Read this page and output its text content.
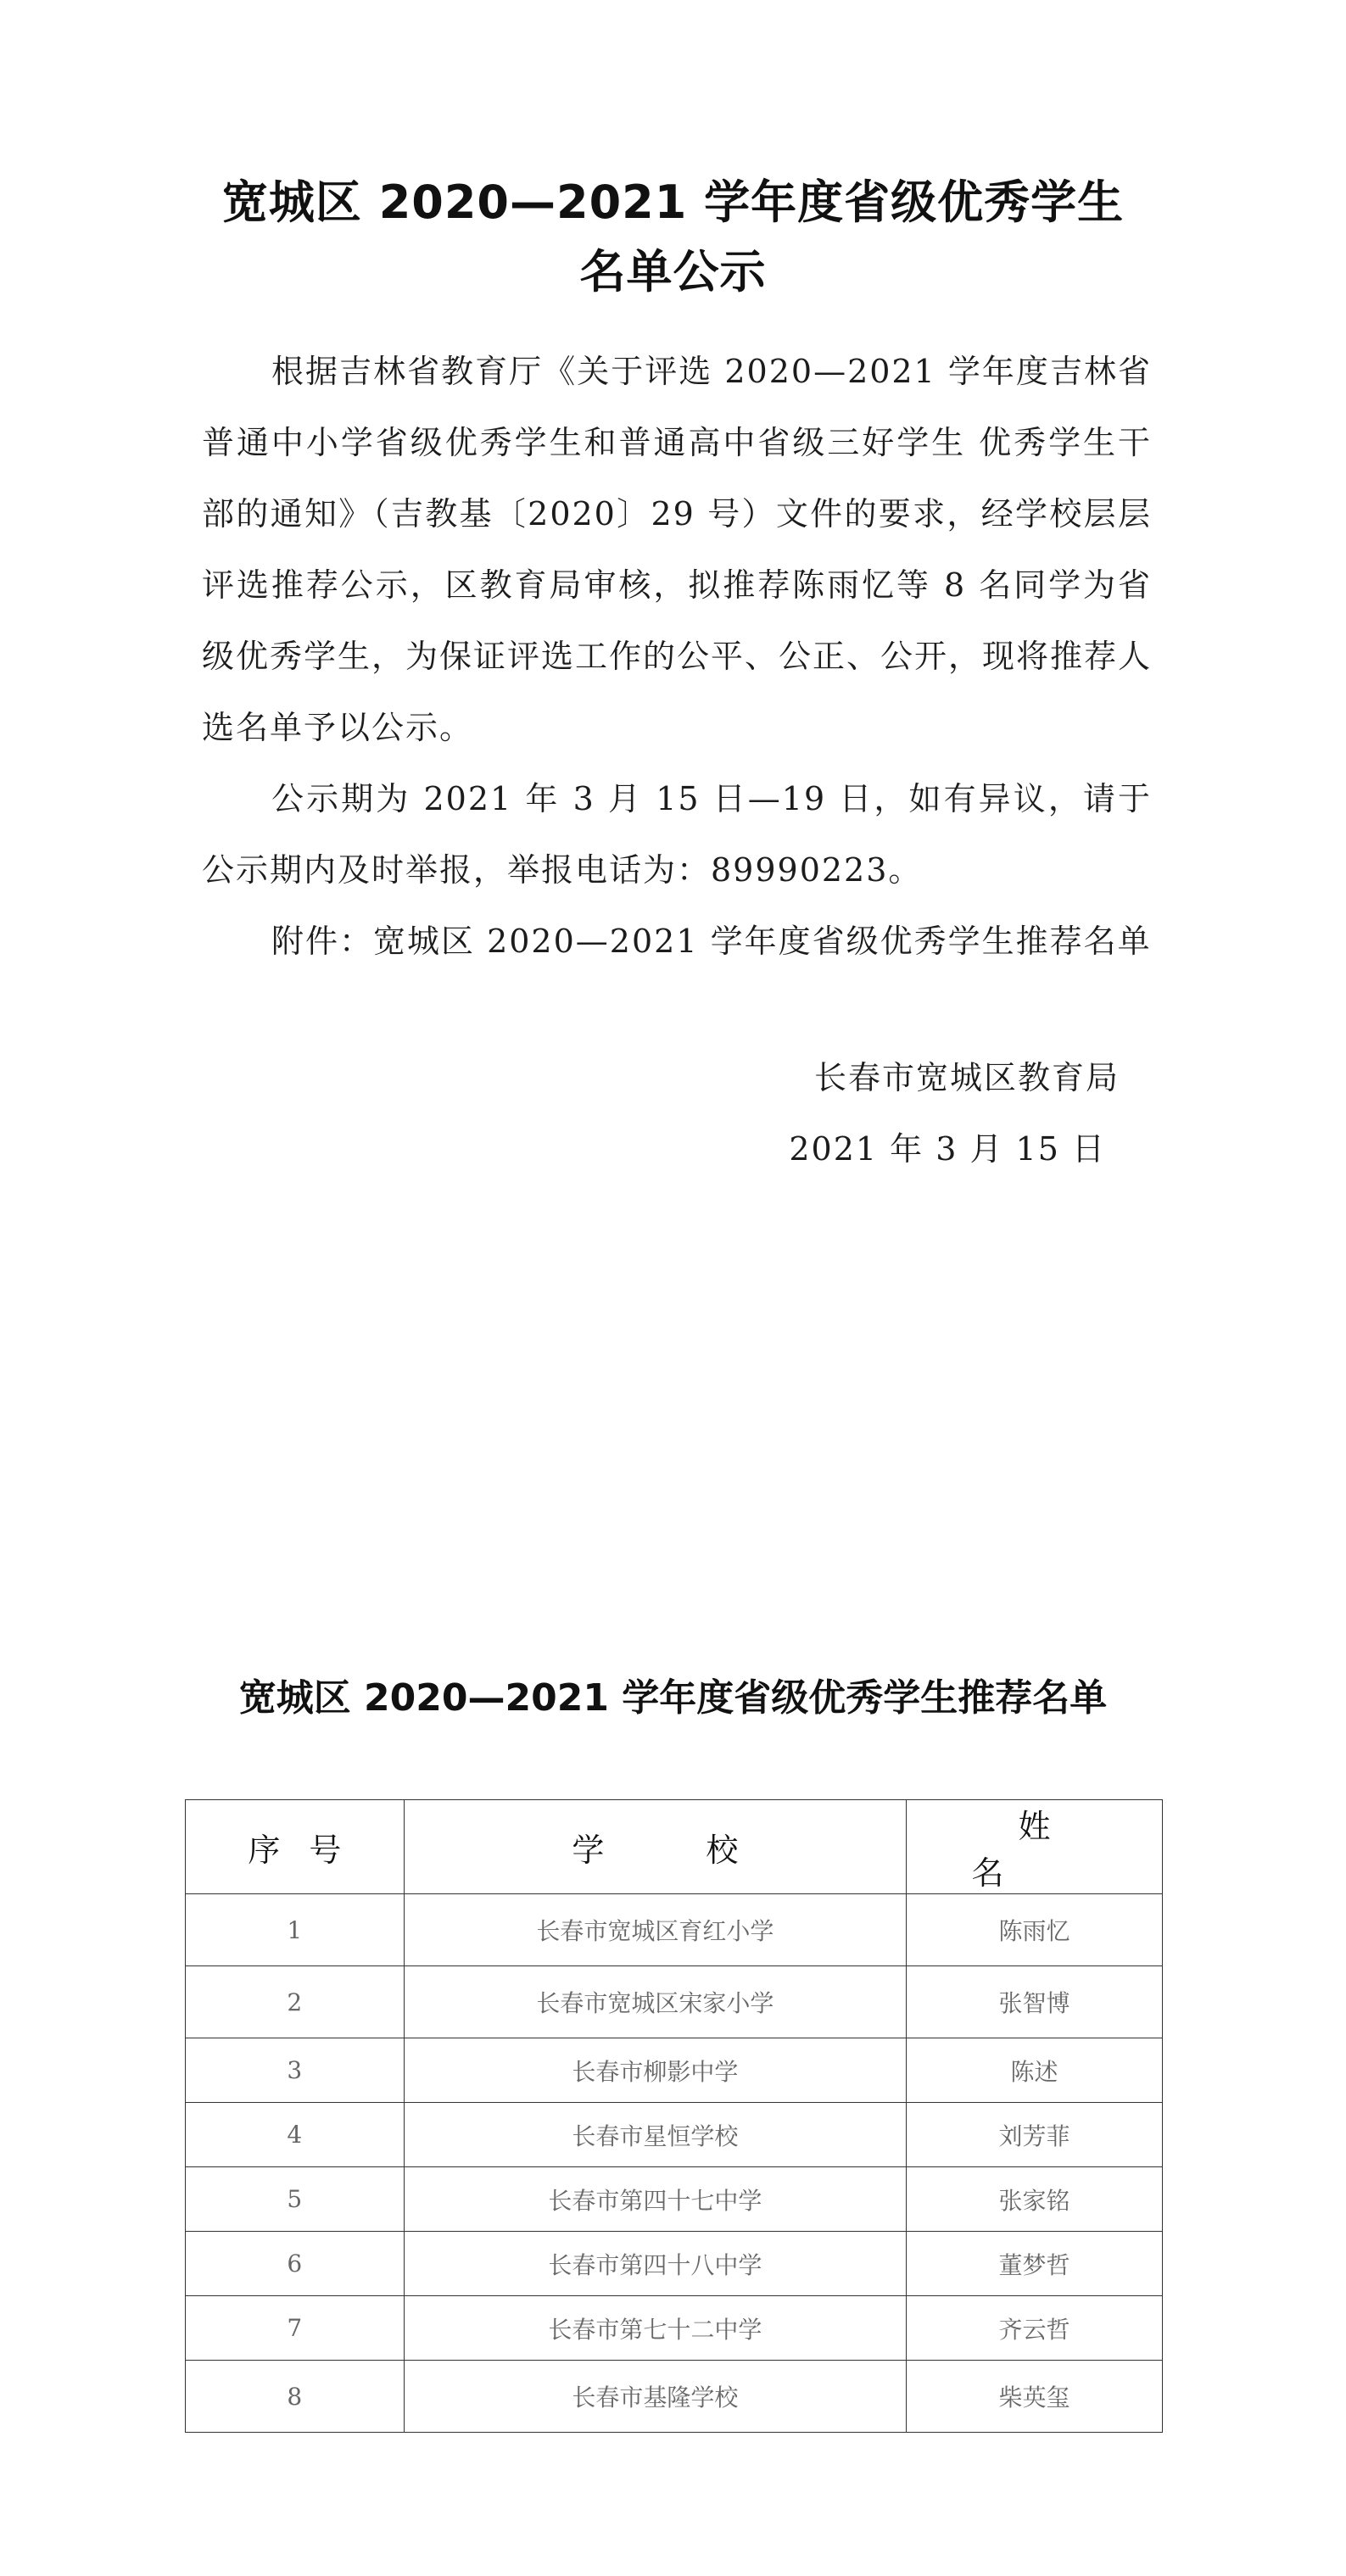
宽城区 2020—2021 学年度省级优秀学生
名单公示
根据吉林省教育厅《关于评选 2020—2021 学年度吉林省普通中小学省级优秀学生和普通高中省级三好学生 优秀学生干部的通知》（吉教基〔2020〕29 号）文件的要求，经学校层层评选推荐公示，区教育局审核，拟推荐陈雨忆等 8 名同学为省级优秀学生，为保证评选工作的公平、公正、公开，现将推荐人选名单予以公示。
公示期为 2021 年 3 月 15 日—19 日，如有异议，请于公示期内及时举报，举报电话为：89990223。
附件：宽城区 2020—2021 学年度省级优秀学生推荐名单
长春市宽城区教育局
2021 年 3 月 15 日
宽城区 2020—2021 学年度省级优秀学生推荐名单
序号	学校	姓名
1	长春市宽城区育红小学	陈雨忆
2	长春市宽城区宋家小学	张智博
3	长春市柳影中学	陈述
4	长春市星恒学校	刘芳菲
5	长春市第四十七中学	张家铭
6	长春市第四十八中学	董梦哲
7	长春市第七十二中学	齐云哲
8	长春市基隆学校	柴英玺
